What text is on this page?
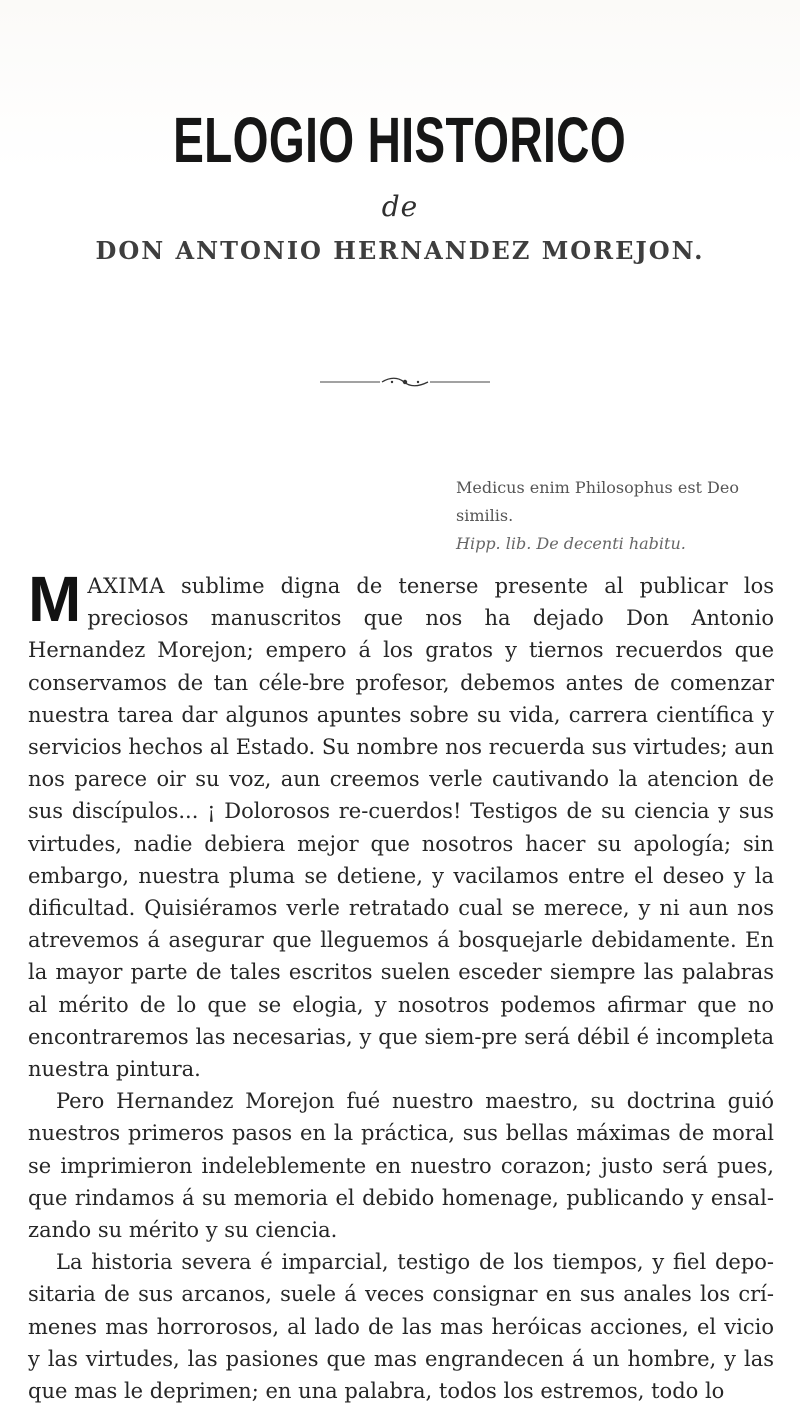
ELOGIO HISTORICO
de
DON ANTONIO HERNANDEZ MOREJON.
Medicus enim Philosophus est Deo similis.
Hipp. lib. De decenti habitu.

MAXIMA sublime digna de tenerse presente al publicar los preciosos manuscritos que nos ha dejado Don Antonio Hernandez Morejon; empero á los gratos y tiernos recuerdos que conservamos de tan céle-bre profesor, debemos antes de comenzar nuestra tarea dar algunos apuntes sobre su vida, carrera científica y servicios hechos al Estado. Su nombre nos recuerda sus virtudes; aun nos parece oir su voz, aun creemos verle cautivando la atencion de sus discípulos... ¡ Dolorosos re-cuerdos! Testigos de su ciencia y sus virtudes, nadie debiera mejor que nosotros hacer su apología; sin embargo, nuestra pluma se detiene, y vacilamos entre el deseo y la dificultad. Quisiéramos verle retratado cual se merece, y ni aun nos atrevemos á asegurar que lleguemos á bosquejarle debidamente. En la mayor parte de tales escritos suelen esceder siempre las palabras al mérito de lo que se elogia, y nosotros podemos afirmar que no encontraremos las necesarias, y que siem-pre será débil é incompleta nuestra pintura.

Pero Hernandez Morejon fué nuestro maestro, su doctrina guió nuestros primeros pasos en la práctica, sus bellas máximas de moral se imprimieron indeleblemente en nuestro corazon; justo será pues, que rindamos á su memoria el debido homenage, publicando y ensal-zando su mérito y su ciencia.

La historia severa é imparcial, testigo de los tiempos, y fiel depo-sitaria de sus arcanos, suele á veces consignar en sus anales los crí-menes mas horrorosos, al lado de las mas heróicas acciones, el vicio y las virtudes, las pasiones que mas engrandecen á un hombre, y las que mas le deprimen; en una palabra, todos los estremos, todo lo
